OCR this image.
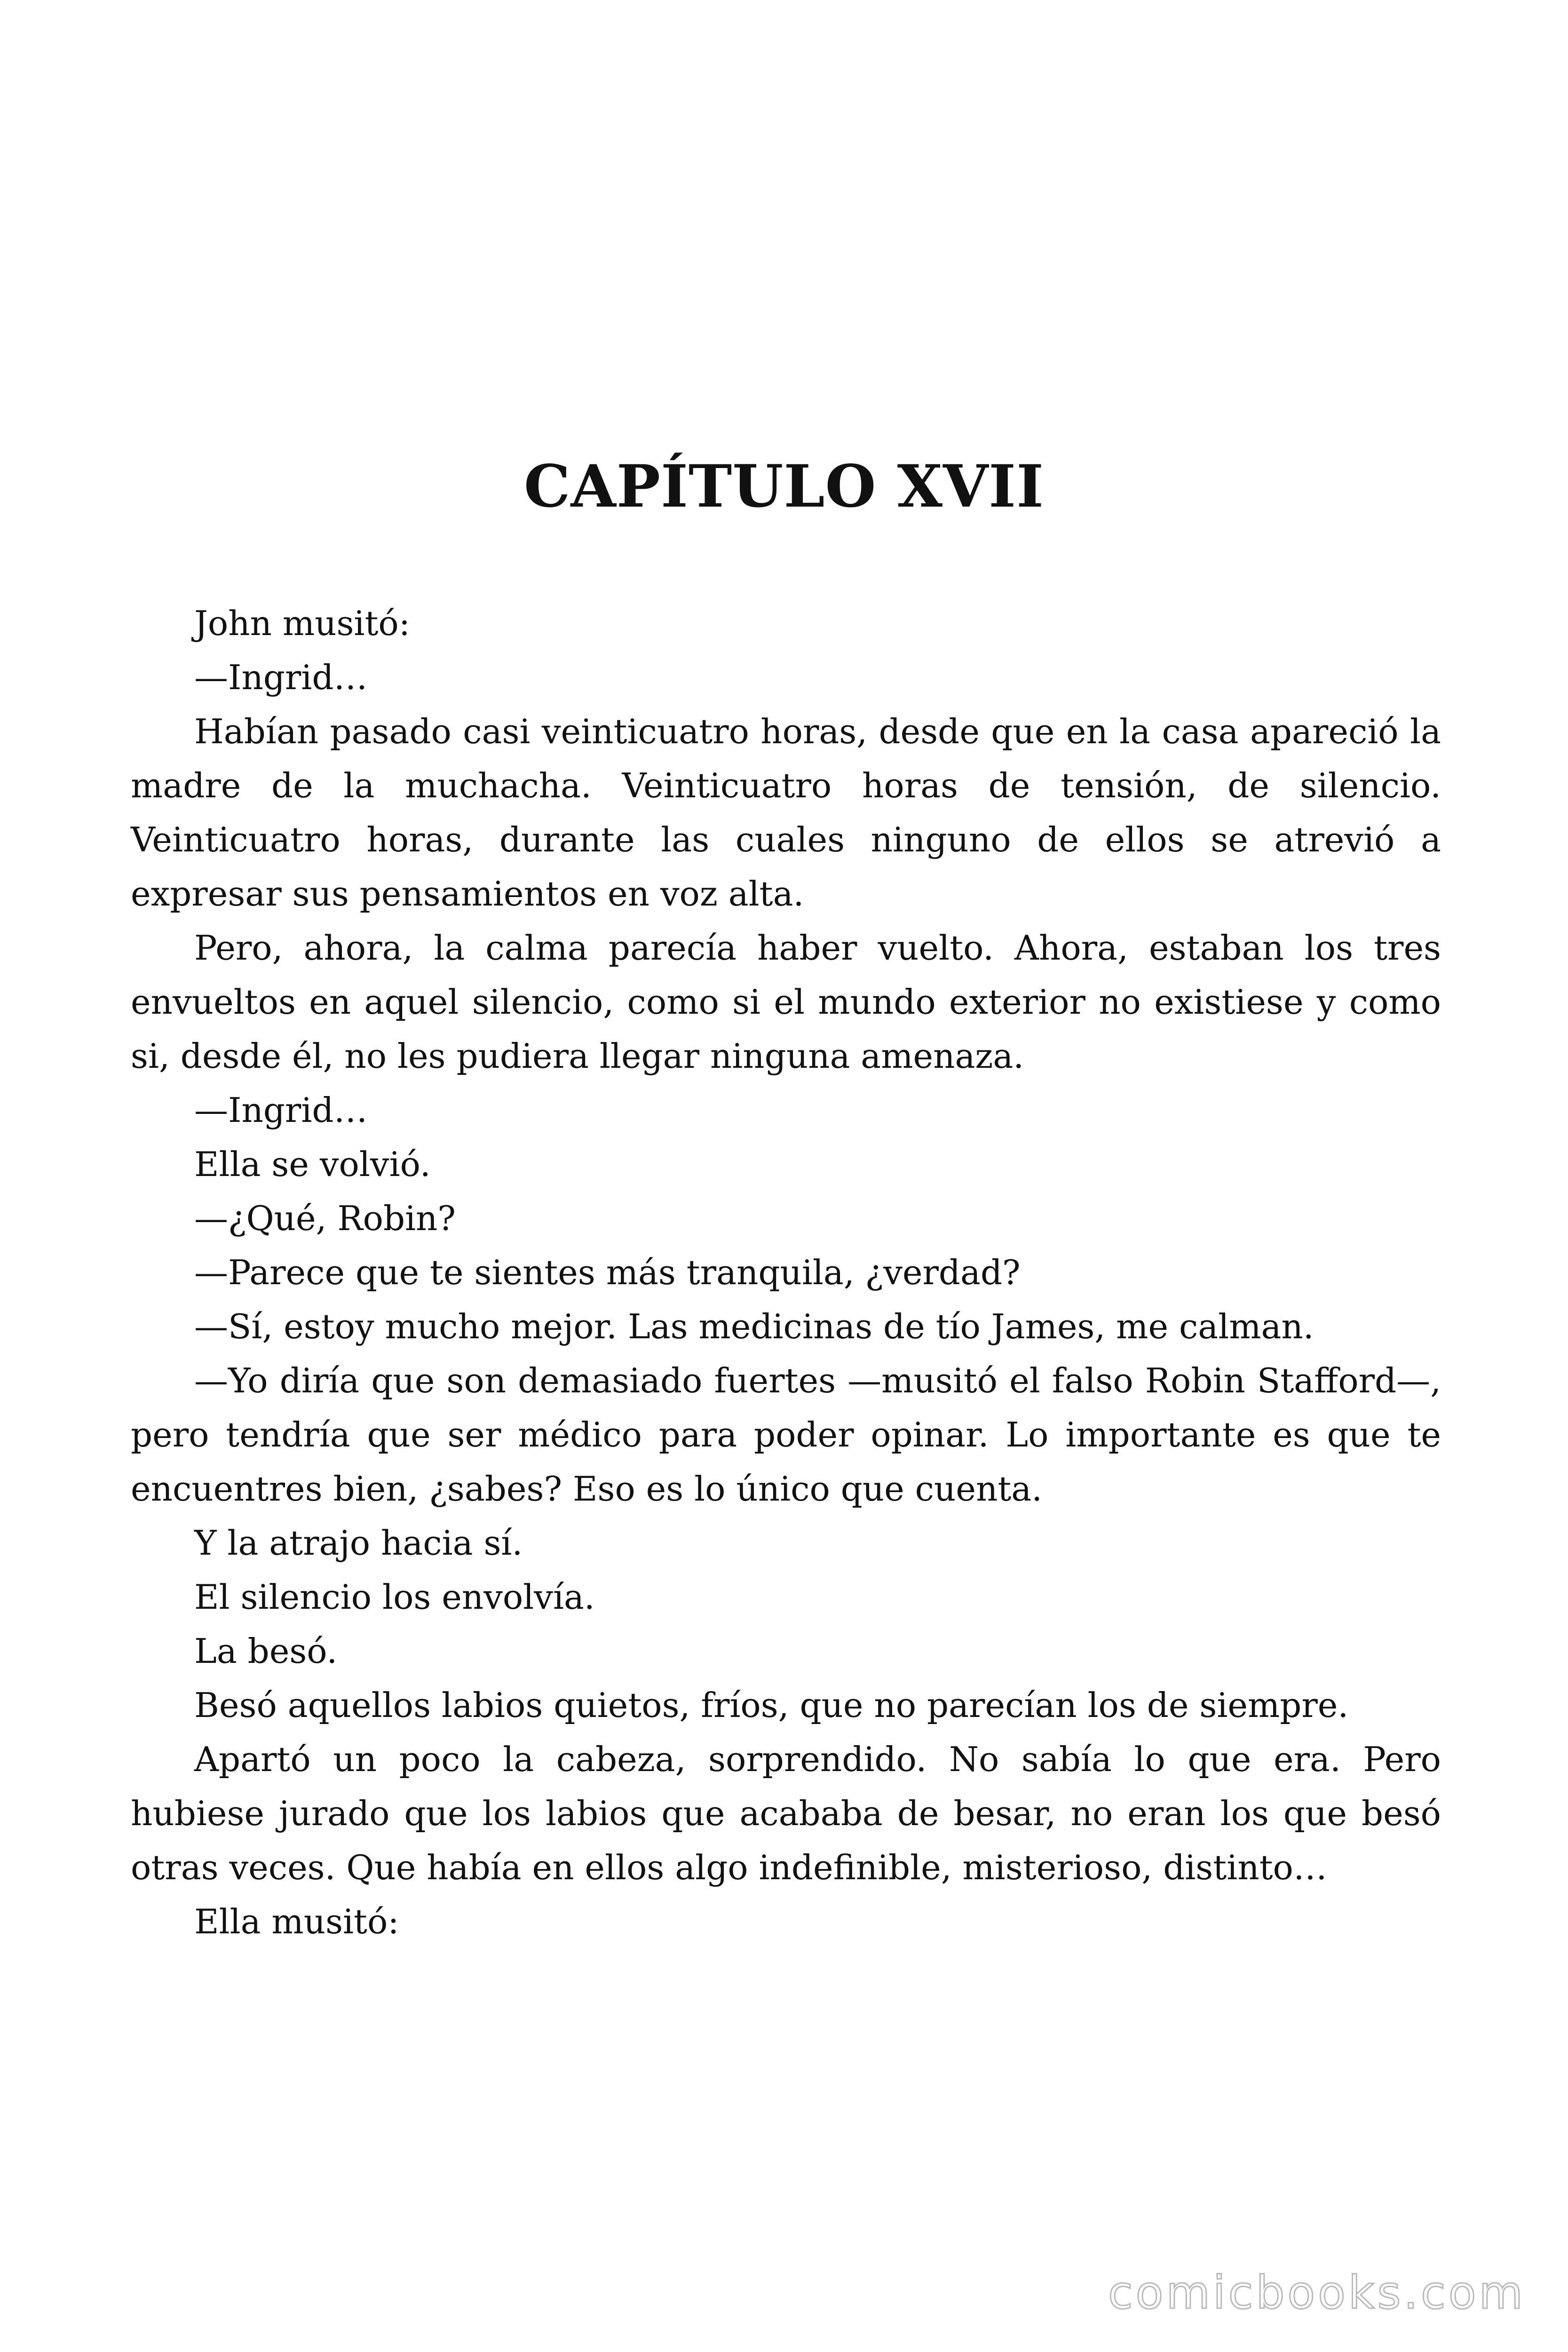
CAPÍTULO XVII

John musitó:

—Ingrid…

Habían pasado casi veinticuatro horas, desde que en la casa apareció la madre de la muchacha. Veinticuatro horas de tensión, de silencio. Veinticuatro horas, durante las cuales ninguno de ellos se atrevió a expresar sus pensamientos en voz alta.

Pero, ahora, la calma parecía haber vuelto. Ahora, estaban los tres envueltos en aquel silencio, como si el mundo exterior no existiese y como si, desde él, no les pudiera llegar ninguna amenaza.

—Ingrid…

Ella se volvió.

—¿Qué, Robin?

—Parece que te sientes más tranquila, ¿verdad?

—Sí, estoy mucho mejor. Las medicinas de tío James, me calman.

—Yo diría que son demasiado fuertes —musitó el falso Robin Stafford—, pero tendría que ser médico para poder opinar. Lo importante es que te encuentres bien, ¿sabes? Eso es lo único que cuenta.

Y la atrajo hacia sí.

El silencio los envolvía.

La besó.

Besó aquellos labios quietos, fríos, que no parecían los de siempre.

Apartó un poco la cabeza, sorprendido. No sabía lo que era. Pero hubiese jurado que los labios que acababa de besar, no eran los que besó otras veces. Que había en ellos algo indefinible, misterioso, distinto…

Ella musitó:

comicbooks.com
